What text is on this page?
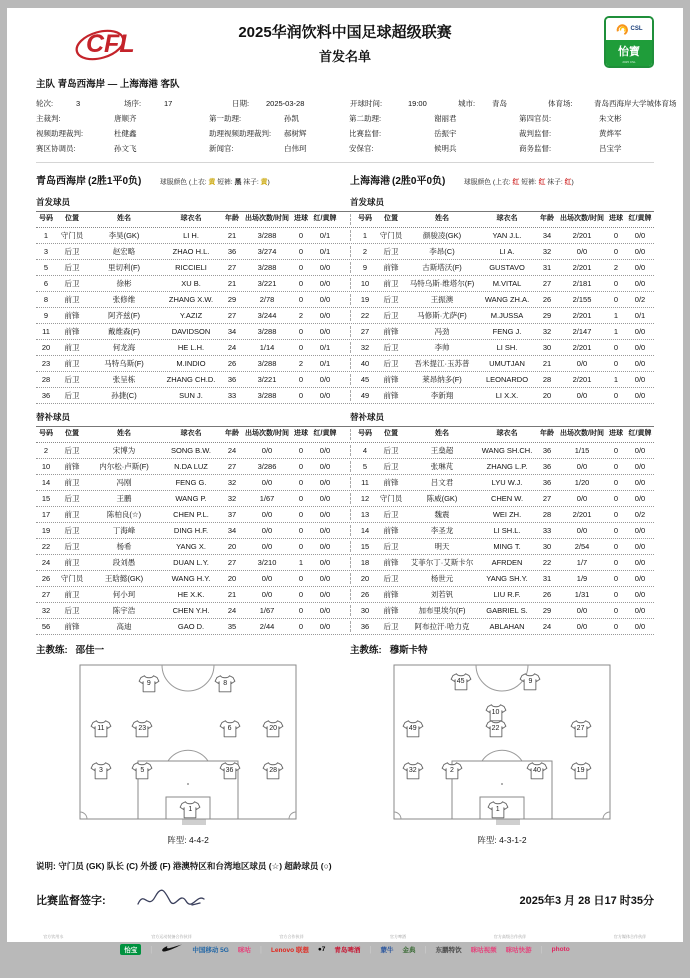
CFL	2025华润饮料中国足球超级联赛
首发名单
CSL
怡寶
2025 CSL
主队 青岛西海岸 — 上海海港 客队
轮次:	3	场序:	17	日期:	2025-03-28	开球时间:	19:00	城市:	青岛	体育场:	青岛西海岸大学城体育场
主裁判:	唐顺齐	第一助理:	孙凯	第二助理:	谢丽君	第四官员:	朱文彬
视频助理裁判:	杜健鑫	助理视频助理裁判:	郝树辉	比赛监督:	岳振宇	裁判监督:	黄烨军
赛区协调员:	孙文飞	新闻官:	白伟珂	安保官:	候明兵	商务监督:	吕宝学
青岛西海岸 (2胜1平0负)	球服颜色 (上衣: 黄 短裤: 黑 袜子: 黄)	上海海港 (2胜0平0负)	球服颜色 (上衣: 红 短裤: 红 袜子: 红)
首发球员	首发球员
号码	位置	姓名	球衣名	年龄 出场次数/时间 进球 红/黄牌	号码	位置	姓名	球衣名	年龄 出场次数/时间 进球 红/黄牌
1	守门员	李昊(GK)	LI H.	21	3/288	0	0/1	1	守门员	颜骏凌(GK)	YAN J.L.	34	2/201	0	0/0
3	后卫	赵宏略	ZHAO H.L.	36	3/274	0	0/1	2	后卫	李昂(C)	LI A.	32	0/0	0	0/0
5	后卫	里切利(F)	RICCIELI	27	3/288	0	0/0	9	前锋	古斯塔沃(F)	GUSTAVO	31	2/201	2	0/0
6	后卫	徐彬	XU B.	21	3/221	0	0/0	10	前卫	马特乌斯·维塔尔(F)	M.VITAL	27	2/181	0	0/0
8	前卫	张修维	ZHANG X.W.	29	2/78	0	0/0	19	后卫	王振澳	WANG ZH.A.	26	2/155	0	0/2
9	前锋	阿齐兹(F)	Y.AZIZ	27	3/244	2	0/0	22	后卫	马修斯·尤萨(F)	M.JUSSA	29	2/201	1	0/1
11	前锋	戴维森(F)	DAVIDSON	34	3/288	0	0/0	27	前锋	冯劲	FENG J.	32	2/147	1	0/0
20	前卫	何龙海	HE L.H.	24	1/14	0	0/1	32	后卫	李帅	LI SH.	30	2/201	0	0/0
23	前卫	马特乌斯(F)	M.INDIO	26	3/288	2	0/1	40	后卫	吾米提江·玉苏普	UMUTJAN	21	0/0	0	0/0
28	后卫	张呈栋	ZHANG CH.D.	36	3/221	0	0/0	45	前锋	莱昂纳多(F)	LEONARDO	28	2/201	1	0/0
36	后卫	孙捷(C)	SUN J.	33	3/288	0	0/0	49	前锋	李新翔	LI X.X.	20	0/0	0	0/0
替补球员	替补球员
号码	位置	姓名	球衣名	年龄 出场次数/时间 进球 红/黄牌	号码	位置	姓名	球衣名	年龄 出场次数/时间 进球 红/黄牌
2	后卫	宋博为	SONG B.W.	24	0/0	0	0/0	4	后卫	王燊超	WANG SH.CH.	36	1/15	0	0/0
10	前锋	内尔松·卢斯(F)	N.DA LUZ	27	3/286	0	0/0	5	后卫	张琳芃	ZHANG L.P.	36	0/0	0	0/0
14	前卫	冯刚	FENG G.	32	0/0	0	0/0	11	前锋	吕文君	LYU W.J.	36	1/20	0	0/0
15	后卫	王鹏	WANG P.	32	1/67	0	0/0	12	守门员	陈威(GK)	CHEN W.	27	0/0	0	0/0
17	前卫	陈柏良(☆)	CHEN P.L.	37	0/0	0	0/0	13	后卫	魏震	WEI ZH.	28	2/201	0	0/2
19	后卫	丁海峰	DING H.F.	34	0/0	0	0/0	14	前锋	李圣龙	LI SH.L.	33	0/0	0	0/0
22	后卫	杨希	YANG X.	20	0/0	0	0/0	15	后卫	明天	MING T.	30	2/54	0	0/0
24	前卫	段刘愚	DUAN L.Y.	27	3/210	1	0/0	18	前锋	艾菲尔丁·艾斯卡尔	AFRDEN	22	1/7	0	0/0
26	守门员	王晗懿(GK)	WANG H.Y.	20	0/0	0	0/0	20	后卫	杨世元	YANG SH.Y.	31	1/9	0	0/0
27	前卫	何小珂	HE X.K.	21	0/0	0	0/0	26	前锋	刘若钒	LIU R.F.	26	1/31	0	0/0
32	后卫	陈宇浩	CHEN Y.H.	24	1/67	0	0/0	30	前锋	加布里埃尔(F)	GABRIEL S.	29	0/0	0	0/0
56	前锋	高迪	GAO D.	35	2/44	0	0/0	36	后卫	阿布拉汗·哈力克	ABLAHAN	24	0/0	0	0/0
主教练: 邵佳一	主教练: 穆斯卡特
9	8
11	23	6	20
3	5	36	28
1
阵型: 4-4-2
45	9
10
49	22	27
32	2	40	19
1
阵型: 4-3-1-2
说明: 守门员 (GK) 队长 (C) 外援 (F) 港澳特区和台湾地区球员 (☆) 超龄球员 (○)
比赛监督签字:	2025年3 月 28 日17 时35分
官方饮用水	官方运动装备合作伙伴	官方合作伙伴	官方啤酒	官方高级合作伙伴	官方媒体合作伙伴
怡宝	|	中国移动 5G 咪咕 | Lenovo 联想 ●7 青岛啤酒 | 蒙牛 金典 | 东鹏特饮 咪咕视频 咪咕快游 | photo
